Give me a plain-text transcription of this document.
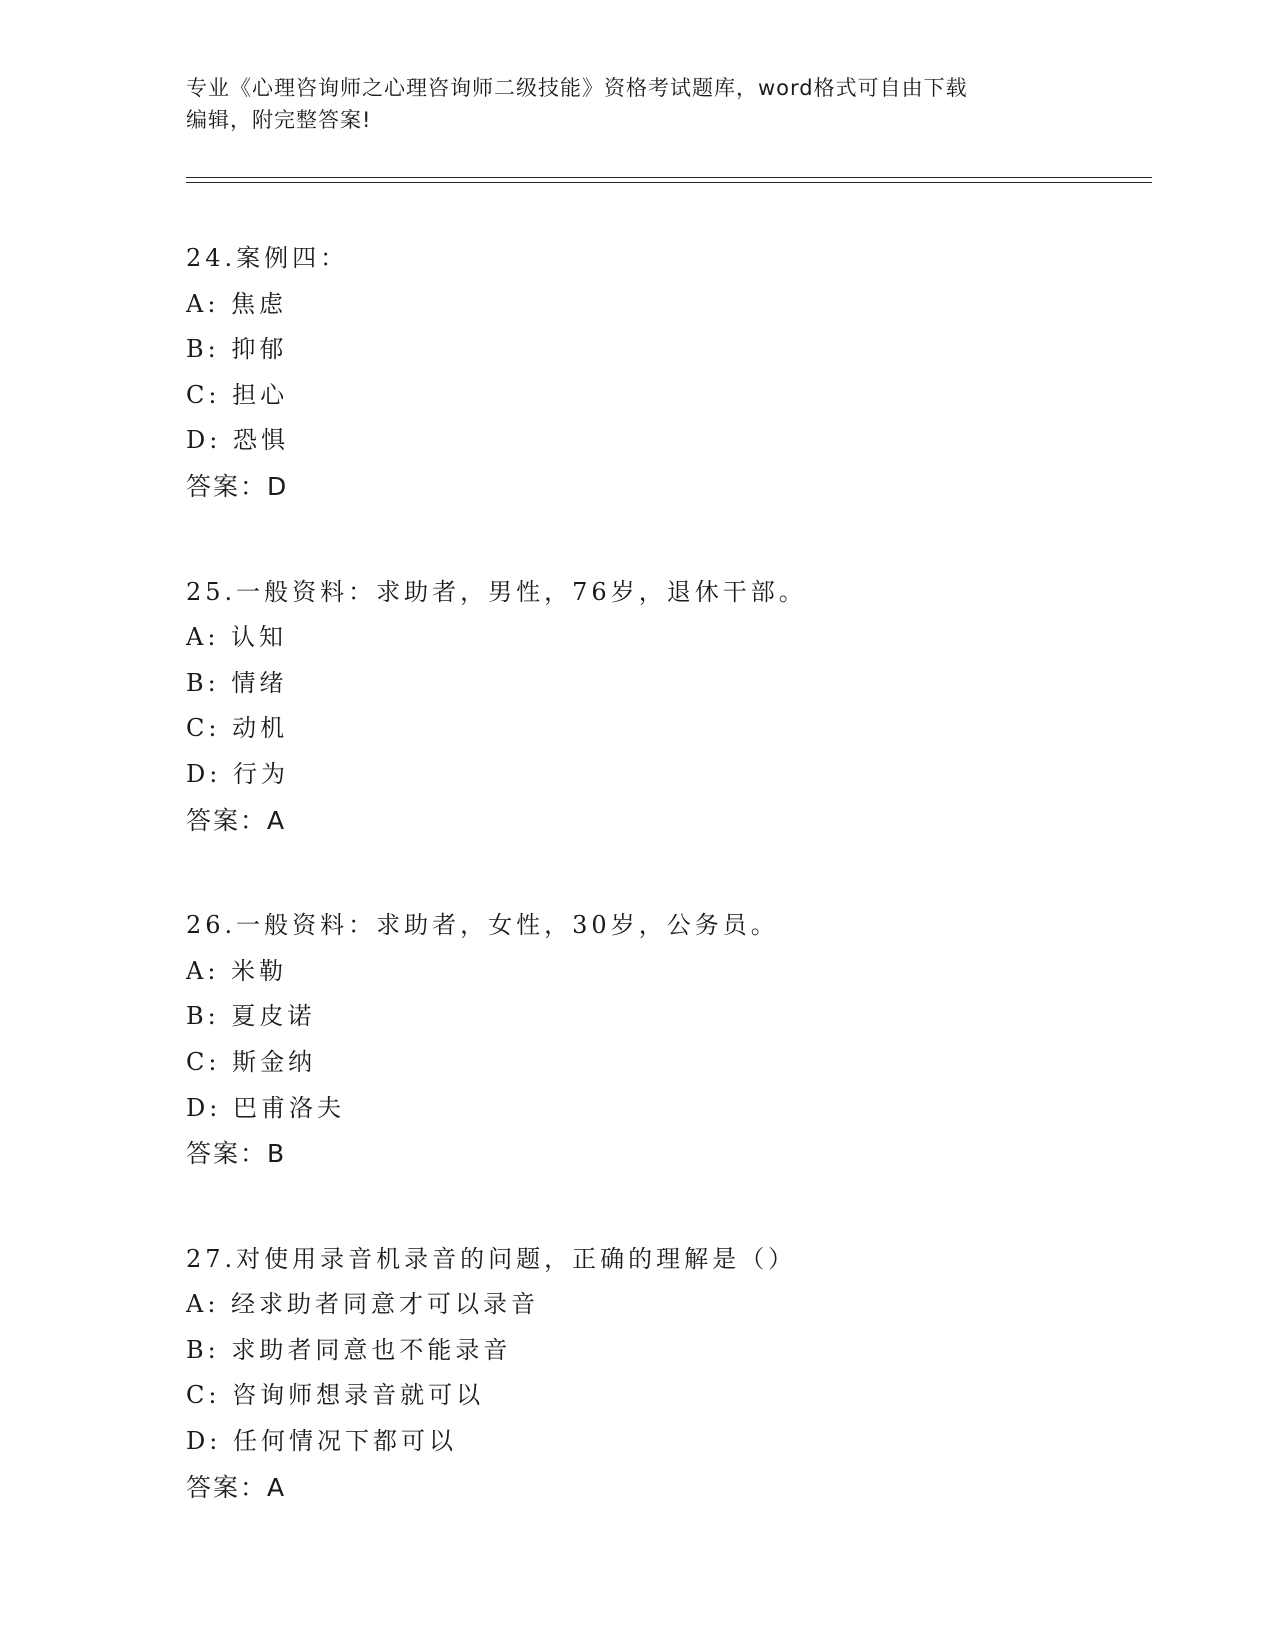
专业《心理咨询师之心理咨询师二级技能》资格考试题库，word格式可自由下载
编辑，附完整答案!
24.案例四：
A: 焦虑
B: 抑郁
C: 担心
D: 恐惧
答案：D
25.一般资料：求助者，男性，76岁，退休干部。
A: 认知
B: 情绪
C: 动机
D: 行为
答案：A
26.一般资料：求助者，女性，30岁，公务员。
A: 米勒
B: 夏皮诺
C: 斯金纳
D: 巴甫洛夫
答案：B
27.对使用录音机录音的问题，正确的理解是（）
A: 经求助者同意才可以录音
B: 求助者同意也不能录音
C: 咨询师想录音就可以
D: 任何情况下都可以
答案：A
